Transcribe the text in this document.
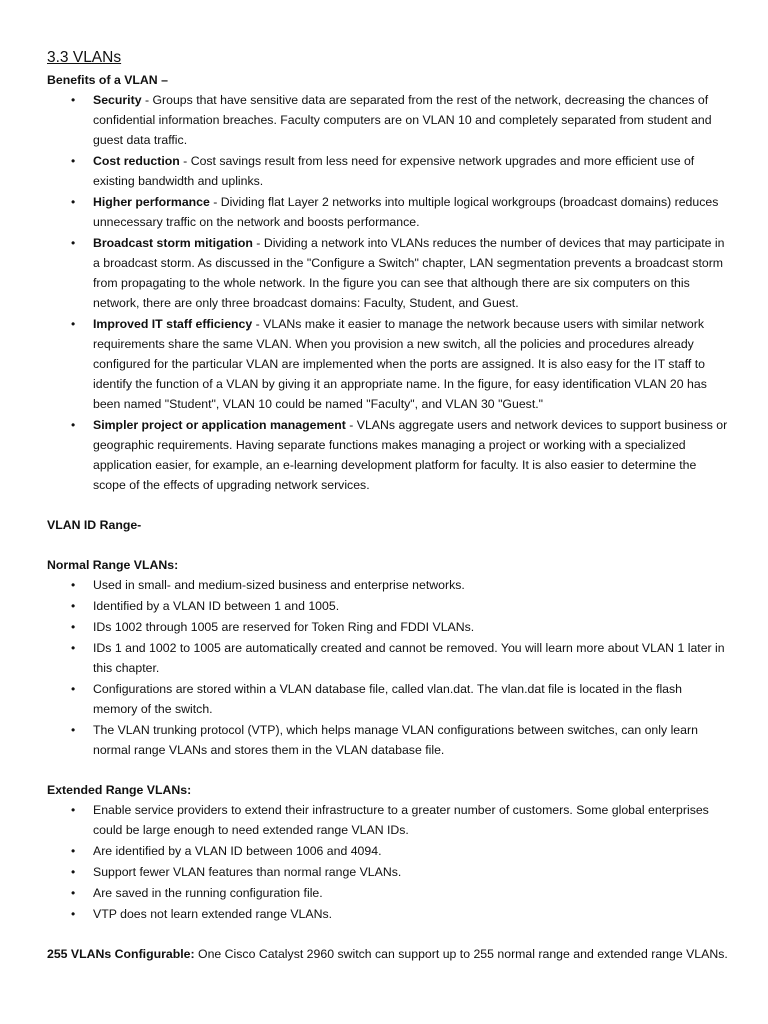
3.3 VLANs

Benefits of a VLAN –

• Security - Groups that have sensitive data are separated from the rest of the network, decreasing the chances of confidential information breaches. Faculty computers are on VLAN 10 and completely separated from student and guest data traffic.
• Cost reduction - Cost savings result from less need for expensive network upgrades and more efficient use of existing bandwidth and uplinks.
• Higher performance - Dividing flat Layer 2 networks into multiple logical workgroups (broadcast domains) reduces unnecessary traffic on the network and boosts performance.
• Broadcast storm mitigation - Dividing a network into VLANs reduces the number of devices that may participate in a broadcast storm. As discussed in the "Configure a Switch" chapter, LAN segmentation prevents a broadcast storm from propagating to the whole network. In the figure you can see that although there are six computers on this network, there are only three broadcast domains: Faculty, Student, and Guest.
• Improved IT staff efficiency - VLANs make it easier to manage the network because users with similar network requirements share the same VLAN. When you provision a new switch, all the policies and procedures already configured for the particular VLAN are implemented when the ports are assigned. It is also easy for the IT staff to identify the function of a VLAN by giving it an appropriate name. In the figure, for easy identification VLAN 20 has been named "Student", VLAN 10 could be named "Faculty", and VLAN 30 "Guest."
• Simpler project or application management - VLANs aggregate users and network devices to support business or geographic requirements. Having separate functions makes managing a project or working with a specialized application easier, for example, an e-learning development platform for faculty. It is also easier to determine the scope of the effects of upgrading network services.

VLAN ID Range-

Normal Range VLANs:

• Used in small- and medium-sized business and enterprise networks.
• Identified by a VLAN ID between 1 and 1005.
• IDs 1002 through 1005 are reserved for Token Ring and FDDI VLANs.
• IDs 1 and 1002 to 1005 are automatically created and cannot be removed. You will learn more about VLAN 1 later in this chapter.
• Configurations are stored within a VLAN database file, called vlan.dat. The vlan.dat file is located in the flash memory of the switch.
• The VLAN trunking protocol (VTP), which helps manage VLAN configurations between switches, can only learn normal range VLANs and stores them in the VLAN database file.

Extended Range VLANs:

• Enable service providers to extend their infrastructure to a greater number of customers. Some global enterprises could be large enough to need extended range VLAN IDs.
• Are identified by a VLAN ID between 1006 and 4094.
• Support fewer VLAN features than normal range VLANs.
• Are saved in the running configuration file.
• VTP does not learn extended range VLANs.

255 VLANs Configurable: One Cisco Catalyst 2960 switch can support up to 255 normal range and extended range VLANs.
